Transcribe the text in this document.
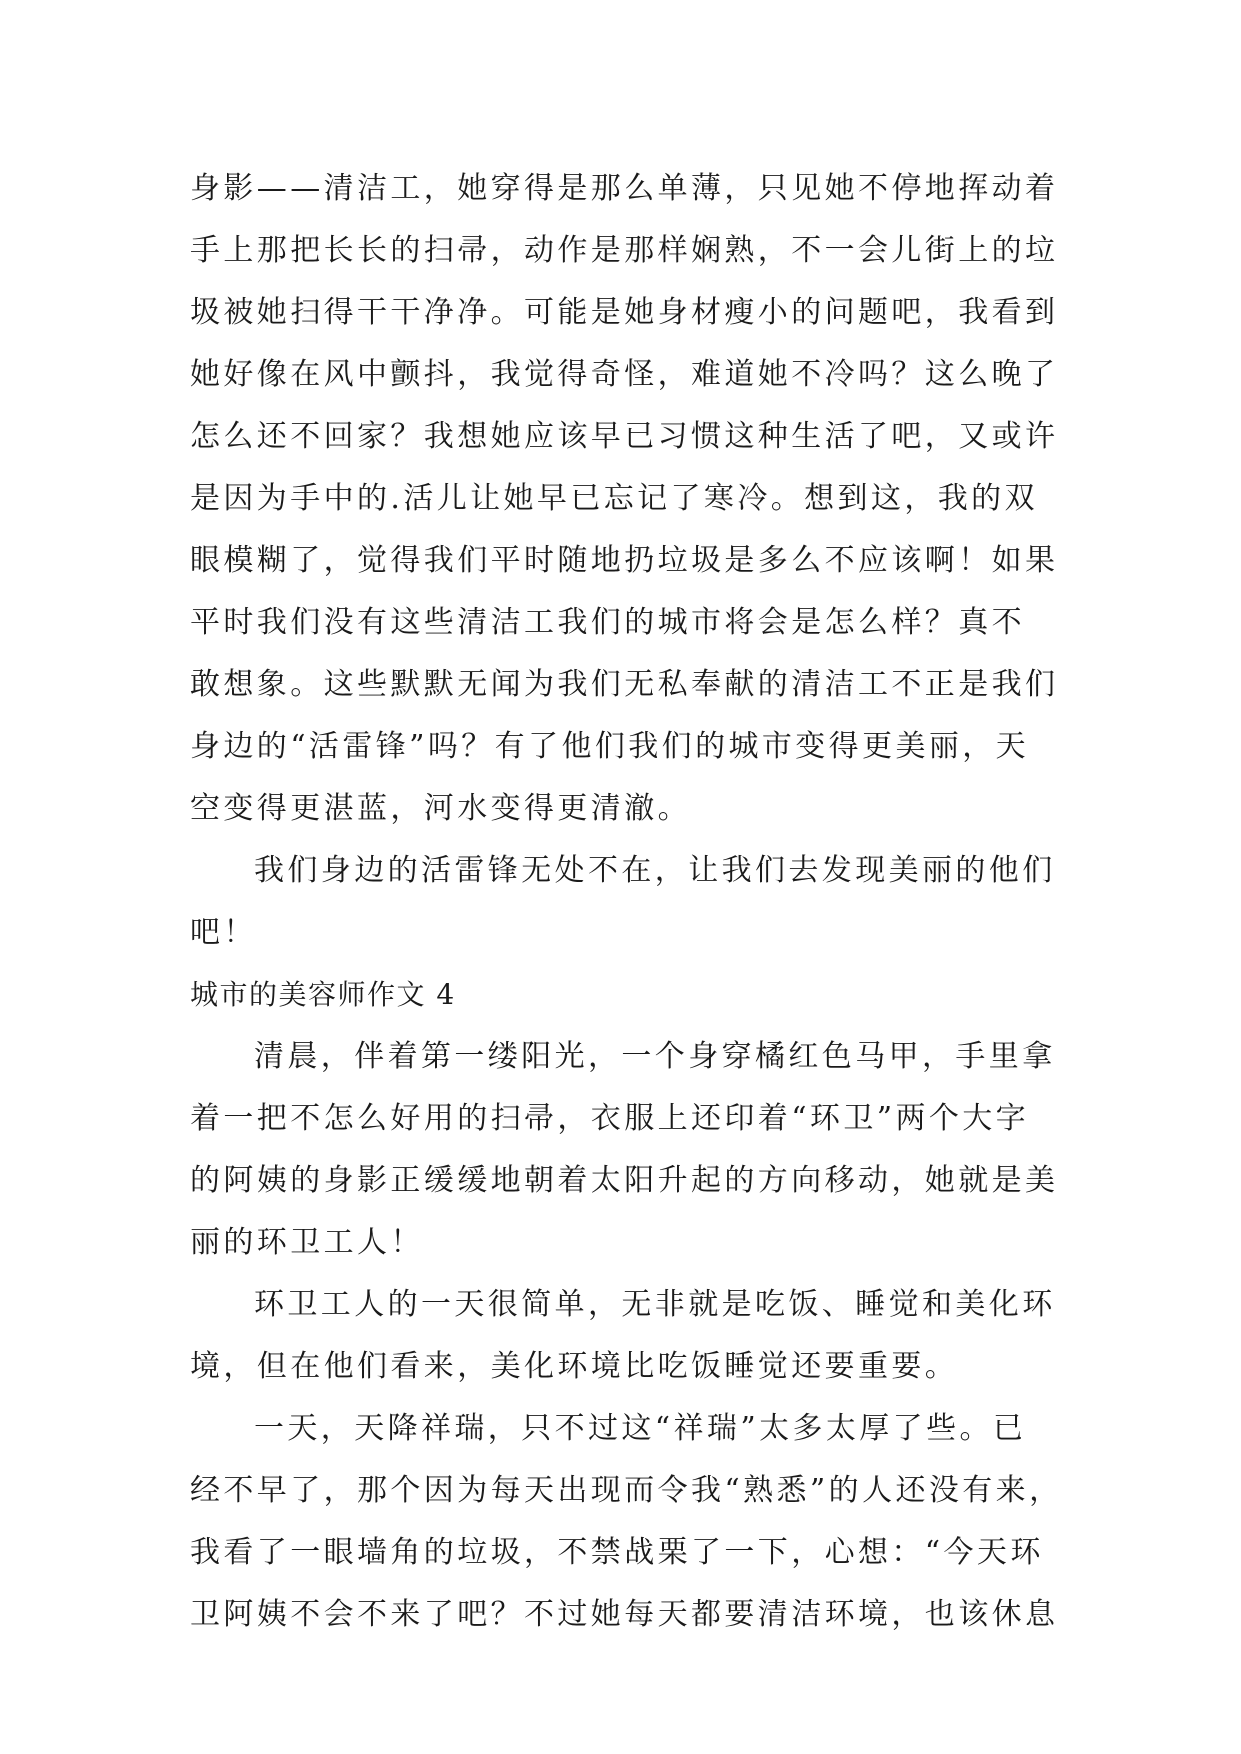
身影——清洁工，她穿得是那么单薄，只见她不停地挥动着
手上那把长长的扫帚，动作是那样娴熟，不一会儿街上的垃
圾被她扫得干干净净。可能是她身材瘦小的问题吧，我看到
她好像在风中颤抖，我觉得奇怪，难道她不冷吗？这么晚了
怎么还不回家？我想她应该早已习惯这种生活了吧，又或许
是因为手中的.活儿让她早已忘记了寒冷。想到这，我的双
眼模糊了，觉得我们平时随地扔垃圾是多么不应该啊！如果
平时我们没有这些清洁工我们的城市将会是怎么样？真不
敢想象。这些默默无闻为我们无私奉献的清洁工不正是我们
身边的“活雷锋”吗？有了他们我们的城市变得更美丽，天
空变得更湛蓝，河水变得更清澈。
我们身边的活雷锋无处不在，让我们去发现美丽的他们
吧！
城市的美容师作文 4
清晨，伴着第一缕阳光，一个身穿橘红色马甲，手里拿
着一把不怎么好用的扫帚，衣服上还印着“环卫”两个大字
的阿姨的身影正缓缓地朝着太阳升起的方向移动，她就是美
丽的环卫工人！
环卫工人的一天很简单，无非就是吃饭、睡觉和美化环
境，但在他们看来，美化环境比吃饭睡觉还要重要。
一天，天降祥瑞，只不过这“祥瑞”太多太厚了些。已
经不早了，那个因为每天出现而令我“熟悉”的人还没有来，
我看了一眼墙角的垃圾，不禁战栗了一下，心想：“今天环
卫阿姨不会不来了吧？不过她每天都要清洁环境，也该休息
